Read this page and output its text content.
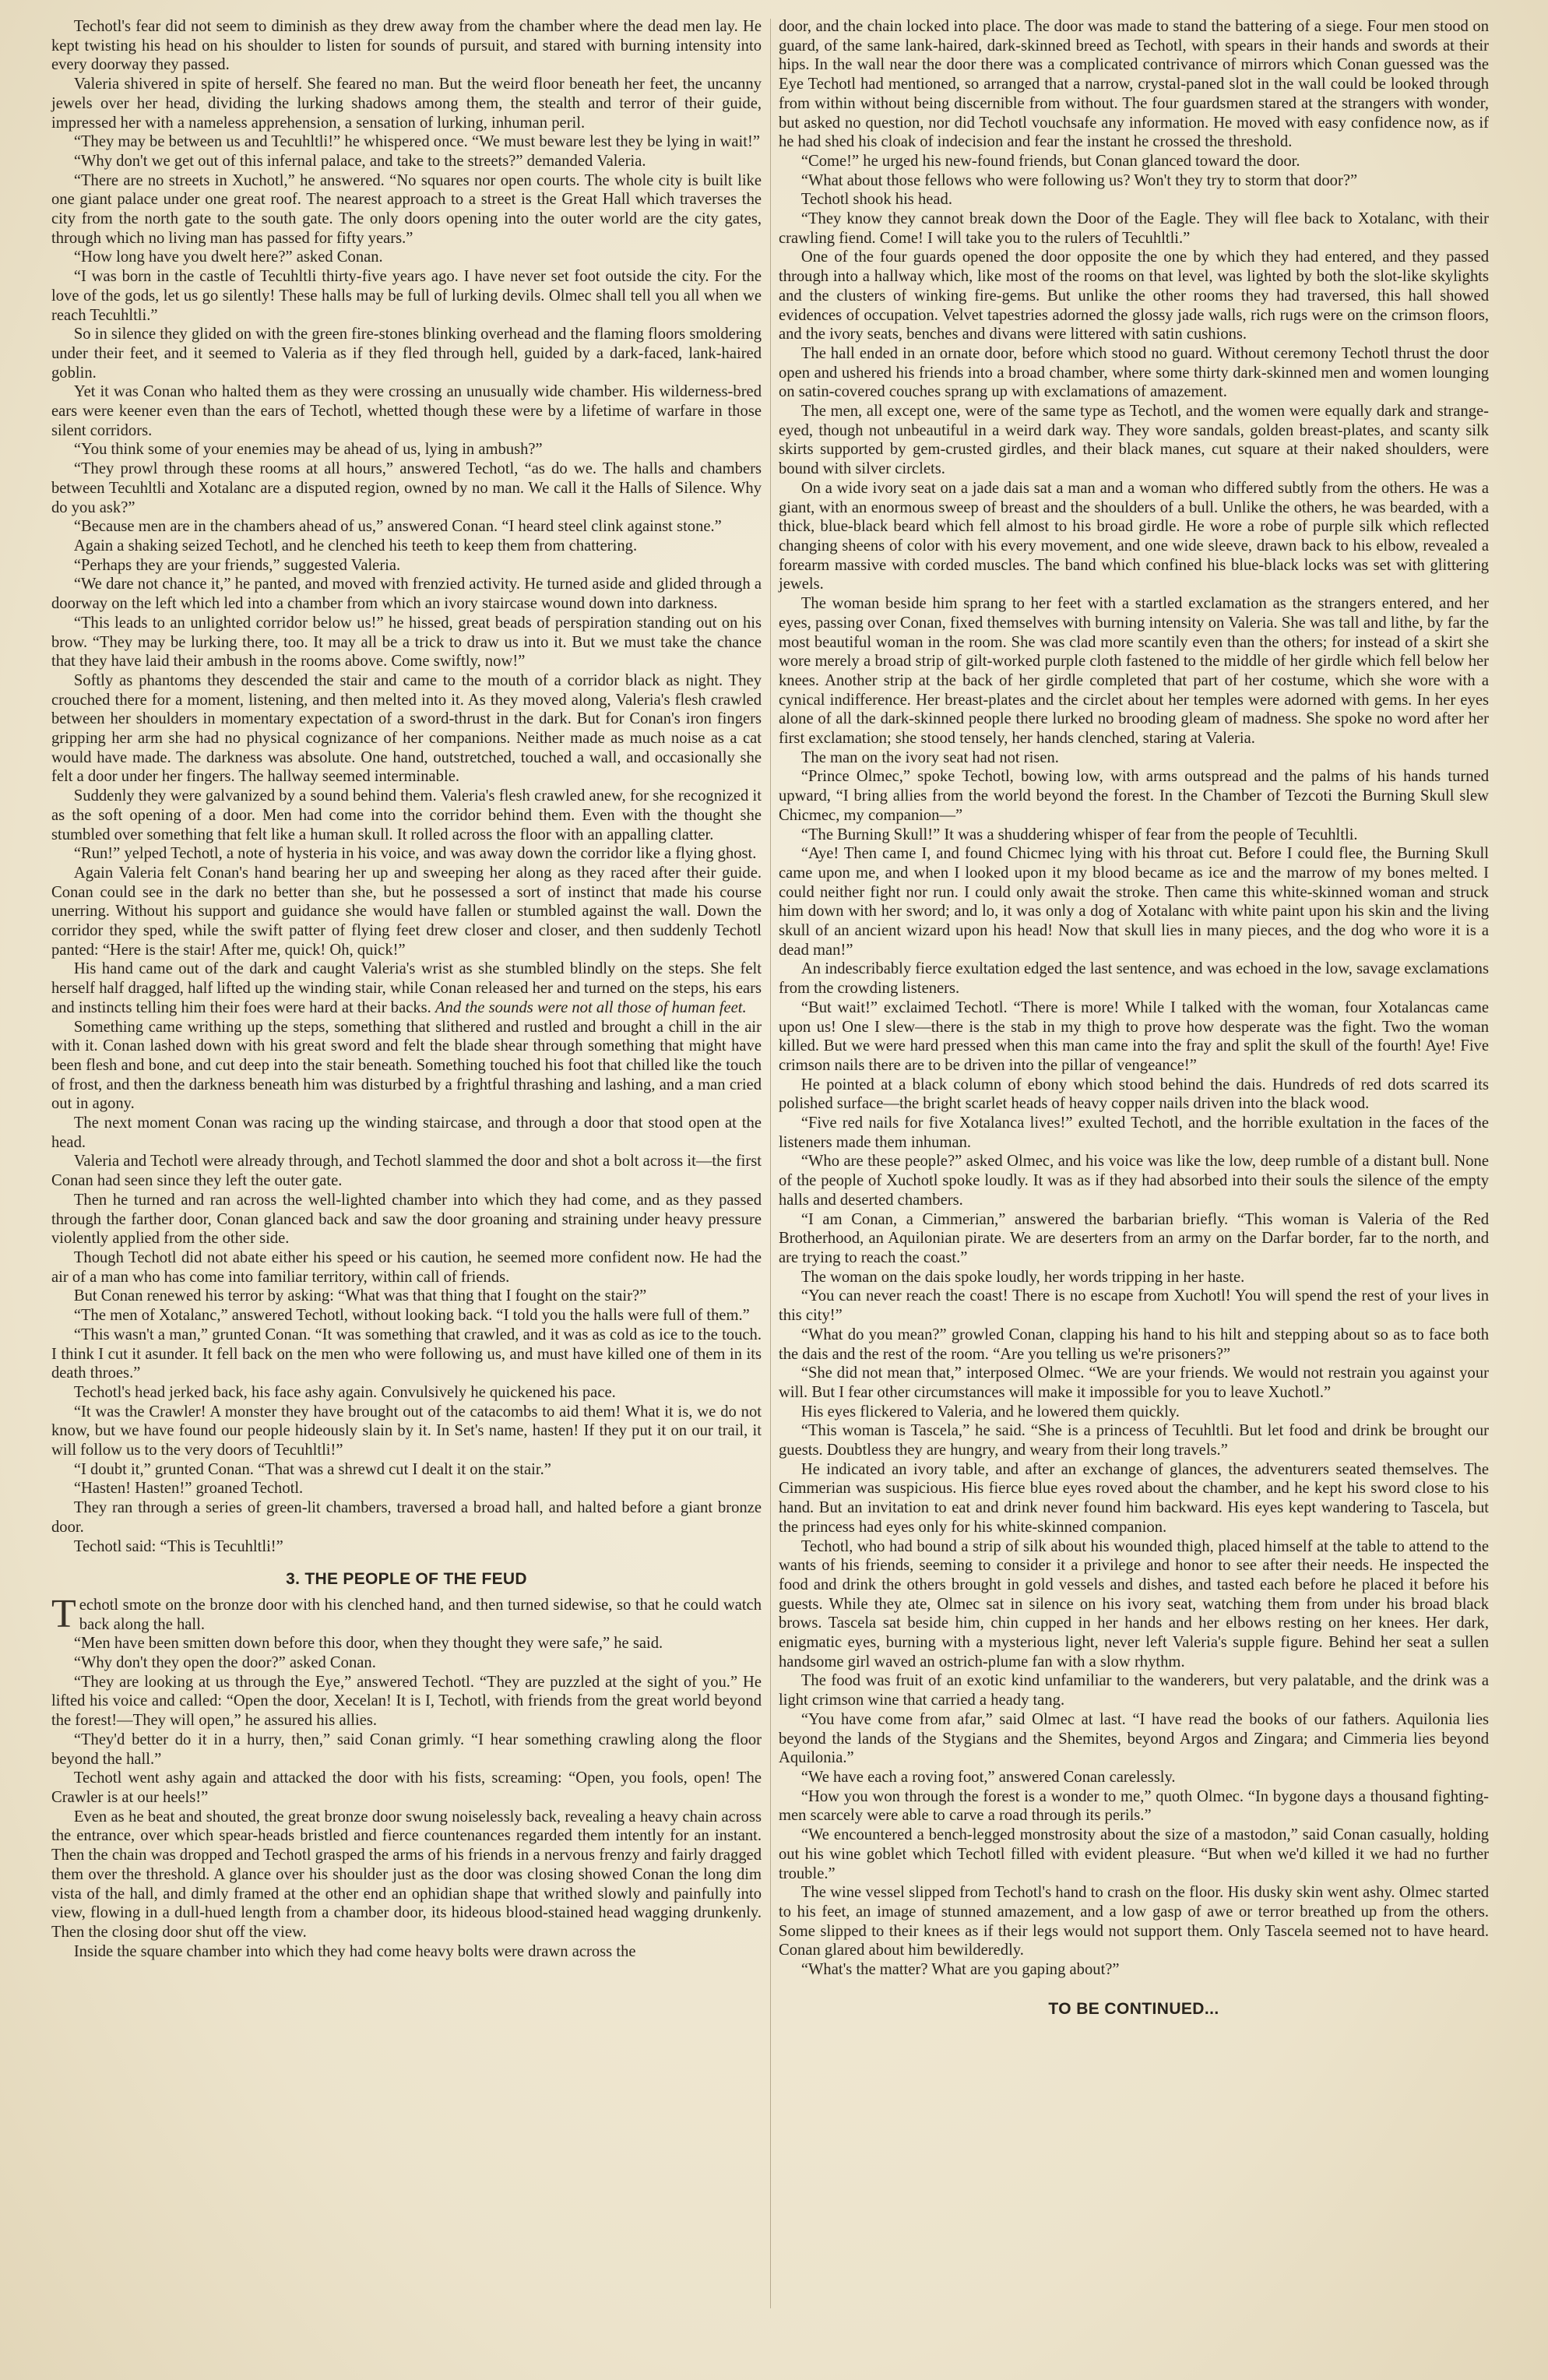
Techotl's fear did not seem to diminish as they drew away from the chamber where the dead men lay. He kept twisting his head on his shoulder to listen for sounds of pursuit, and stared with burning intensity into every doorway they passed.

Valeria shivered in spite of herself. She feared no man. But the weird floor beneath her feet, the uncanny jewels over her head, dividing the lurking shadows among them, the stealth and terror of their guide, impressed her with a nameless apprehension, a sensation of lurking, inhuman peril.

“They may be between us and Tecuhltli!” he whispered once. “We must beware lest they be lying in wait!”

“Why don't we get out of this infernal palace, and take to the streets?” demanded Valeria.

“There are no streets in Xuchotl,” he answered. “No squares nor open courts. The whole city is built like one giant palace under one great roof. The nearest approach to a street is the Great Hall which traverses the city from the north gate to the south gate. The only doors opening into the outer world are the city gates, through which no living man has passed for fifty years.”

“How long have you dwelt here?” asked Conan.

“I was born in the castle of Tecuhltli thirty-five years ago. I have never set foot outside the city. For the love of the gods, let us go silently! These halls may be full of lurking devils. Olmec shall tell you all when we reach Tecuhltli.”

So in silence they glided on with the green fire-stones blinking overhead and the flaming floors smoldering under their feet, and it seemed to Valeria as if they fled through hell, guided by a dark-faced, lank-haired goblin.

Yet it was Conan who halted them as they were crossing an unusually wide chamber. His wilderness-bred ears were keener even than the ears of Techotl, whetted though these were by a lifetime of warfare in those silent corridors.

“You think some of your enemies may be ahead of us, lying in ambush?”

“They prowl through these rooms at all hours,” answered Techotl, “as do we. The halls and chambers between Tecuhltli and Xotalanc are a disputed region, owned by no man. We call it the Halls of Silence. Why do you ask?”

“Because men are in the chambers ahead of us,” answered Conan. “I heard steel clink against stone.”

Again a shaking seized Techotl, and he clenched his teeth to keep them from chattering.

“Perhaps they are your friends,” suggested Valeria.

“We dare not chance it,” he panted, and moved with frenzied activity. He turned aside and glided through a doorway on the left which led into a chamber from which an ivory staircase wound down into darkness.

“This leads to an unlighted corridor below us!” he hissed, great beads of perspiration standing out on his brow. “They may be lurking there, too. It may all be a trick to draw us into it. But we must take the chance that they have laid their ambush in the rooms above. Come swiftly, now!”

Softly as phantoms they descended the stair and came to the mouth of a corridor black as night. They crouched there for a moment, listening, and then melted into it. As they moved along, Valeria's flesh crawled between her shoulders in momentary expectation of a sword-thrust in the dark. But for Conan's iron fingers gripping her arm she had no physical cognizance of her companions. Neither made as much noise as a cat would have made. The darkness was absolute. One hand, outstretched, touched a wall, and occasionally she felt a door under her fingers. The hallway seemed interminable.

Suddenly they were galvanized by a sound behind them. Valeria's flesh crawled anew, for she recognized it as the soft opening of a door. Men had come into the corridor behind them. Even with the thought she stumbled over something that felt like a human skull. It rolled across the floor with an appalling clatter.

“Run!” yelped Techotl, a note of hysteria in his voice, and was away down the corridor like a flying ghost.

Again Valeria felt Conan's hand bearing her up and sweeping her along as they raced after their guide. Conan could see in the dark no better than she, but he possessed a sort of instinct that made his course unerring. Without his support and guidance she would have fallen or stumbled against the wall. Down the corridor they sped, while the swift patter of flying feet drew closer and closer, and then suddenly Techotl panted: “Here is the stair! After me, quick! Oh, quick!”

His hand came out of the dark and caught Valeria's wrist as she stumbled blindly on the steps. She felt herself half dragged, half lifted up the winding stair, while Conan released her and turned on the steps, his ears and instincts telling him their foes were hard at their backs. And the sounds were not all those of human feet.

Something came writhing up the steps, something that slithered and rustled and brought a chill in the air with it. Conan lashed down with his great sword and felt the blade shear through something that might have been flesh and bone, and cut deep into the stair beneath. Something touched his foot that chilled like the touch of frost, and then the darkness beneath him was disturbed by a frightful thrashing and lashing, and a man cried out in agony.

The next moment Conan was racing up the winding staircase, and through a door that stood open at the head.

Valeria and Techotl were already through, and Techotl slammed the door and shot a bolt across it—the first Conan had seen since they left the outer gate.

Then he turned and ran across the well-lighted chamber into which they had come, and as they passed through the farther door, Conan glanced back and saw the door groaning and straining under heavy pressure violently applied from the other side.

Though Techotl did not abate either his speed or his caution, he seemed more confident now. He had the air of a man who has come into familiar territory, within call of friends.

But Conan renewed his terror by asking: “What was that thing that I fought on the stair?”

“The men of Xotalanc,” answered Techotl, without looking back. “I told you the halls were full of them.”

“This wasn't a man,” grunted Conan. “It was something that crawled, and it was as cold as ice to the touch. I think I cut it asunder. It fell back on the men who were following us, and must have killed one of them in its death throes.”

Techotl's head jerked back, his face ashy again. Convulsively he quickened his pace.

“It was the Crawler! A monster they have brought out of the catacombs to aid them! What it is, we do not know, but we have found our people hideously slain by it. In Set's name, hasten! If they put it on our trail, it will follow us to the very doors of Tecuhltli!”

“I doubt it,” grunted Conan. “That was a shrewd cut I dealt it on the stair.”

“Hasten! Hasten!” groaned Techotl.

They ran through a series of green-lit chambers, traversed a broad hall, and halted before a giant bronze door.

Techotl said: “This is Tecuhltli!”

3. THE PEOPLE OF THE FEUD

Techotl smote on the bronze door with his clenched hand, and then turned sidewise, so that he could watch back along the hall.

“Men have been smitten down before this door, when they thought they were safe,” he said.

“Why don't they open the door?” asked Conan.

“They are looking at us through the Eye,” answered Techotl. “They are puzzled at the sight of you.” He lifted his voice and called: “Open the door, Xecelan! It is I, Techotl, with friends from the great world beyond the forest!—They will open,” he assured his allies.

“They'd better do it in a hurry, then,” said Conan grimly. “I hear something crawling along the floor beyond the hall.”

Techotl went ashy again and attacked the door with his fists, screaming: “Open, you fools, open! The Crawler is at our heels!”

Even as he beat and shouted, the great bronze door swung noiselessly back, revealing a heavy chain across the entrance, over which spear-heads bristled and fierce countenances regarded them intently for an instant. Then the chain was dropped and Techotl grasped the arms of his friends in a nervous frenzy and fairly dragged them over the threshold. A glance over his shoulder just as the door was closing showed Conan the long dim vista of the hall, and dimly framed at the other end an ophidian shape that writhed slowly and painfully into view, flowing in a dull-hued length from a chamber door, its hideous blood-stained head wagging drunkenly. Then the closing door shut off the view.

Inside the square chamber into which they had come heavy bolts were drawn across the

door, and the chain locked into place. The door was made to stand the battering of a siege. Four men stood on guard, of the same lank-haired, dark-skinned breed as Techotl, with spears in their hands and swords at their hips. In the wall near the door there was a complicated contrivance of mirrors which Conan guessed was the Eye Techotl had mentioned, so arranged that a narrow, crystal-paned slot in the wall could be looked through from within without being discernible from without. The four guardsmen stared at the strangers with wonder, but asked no question, nor did Techotl vouchsafe any information. He moved with easy confidence now, as if he had shed his cloak of indecision and fear the instant he crossed the threshold.

“Come!” he urged his new-found friends, but Conan glanced toward the door.

“What about those fellows who were following us? Won't they try to storm that door?”

Techotl shook his head.

“They know they cannot break down the Door of the Eagle. They will flee back to Xotalanc, with their crawling fiend. Come! I will take you to the rulers of Tecuhltli.”

One of the four guards opened the door opposite the one by which they had entered, and they passed through into a hallway which, like most of the rooms on that level, was lighted by both the slot-like skylights and the clusters of winking fire-gems. But unlike the other rooms they had traversed, this hall showed evidences of occupation. Velvet tapestries adorned the glossy jade walls, rich rugs were on the crimson floors, and the ivory seats, benches and divans were littered with satin cushions.

The hall ended in an ornate door, before which stood no guard. Without ceremony Techotl thrust the door open and ushered his friends into a broad chamber, where some thirty dark-skinned men and women lounging on satin-covered couches sprang up with exclamations of amazement.

The men, all except one, were of the same type as Techotl, and the women were equally dark and strange-eyed, though not unbeautiful in a weird dark way. They wore sandals, golden breast-plates, and scanty silk skirts supported by gem-crusted girdles, and their black manes, cut square at their naked shoulders, were bound with silver circlets.

On a wide ivory seat on a jade dais sat a man and a woman who differed subtly from the others. He was a giant, with an enormous sweep of breast and the shoulders of a bull. Unlike the others, he was bearded, with a thick, blue-black beard which fell almost to his broad girdle. He wore a robe of purple silk which reflected changing sheens of color with his every movement, and one wide sleeve, drawn back to his elbow, revealed a forearm massive with corded muscles. The band which confined his blue-black locks was set with glittering jewels.

The woman beside him sprang to her feet with a startled exclamation as the strangers entered, and her eyes, passing over Conan, fixed themselves with burning intensity on Valeria. She was tall and lithe, by far the most beautiful woman in the room. She was clad more scantily even than the others; for instead of a skirt she wore merely a broad strip of gilt-worked purple cloth fastened to the middle of her girdle which fell below her knees. Another strip at the back of her girdle completed that part of her costume, which she wore with a cynical indifference. Her breast-plates and the circlet about her temples were adorned with gems. In her eyes alone of all the dark-skinned people there lurked no brooding gleam of madness. She spoke no word after her first exclamation; she stood tensely, her hands clenched, staring at Valeria.

The man on the ivory seat had not risen.

“Prince Olmec,” spoke Techotl, bowing low, with arms outspread and the palms of his hands turned upward, “I bring allies from the world beyond the forest. In the Chamber of Tezcoti the Burning Skull slew Chicmec, my companion—”

“The Burning Skull!” It was a shuddering whisper of fear from the people of Tecuhltli.

“Aye! Then came I, and found Chicmec lying with his throat cut. Before I could flee, the Burning Skull came upon me, and when I looked upon it my blood became as ice and the marrow of my bones melted. I could neither fight nor run. I could only await the stroke. Then came this white-skinned woman and struck him down with her sword; and lo, it was only a dog of Xotalanc with white paint upon his skin and the living skull of an ancient wizard upon his head! Now that skull lies in many pieces, and the dog who wore it is a dead man!”

An indescribably fierce exultation edged the last sentence, and was echoed in the low, savage exclamations from the crowding listeners.

“But wait!” exclaimed Techotl. “There is more! While I talked with the woman, four Xotalancas came upon us! One I slew—there is the stab in my thigh to prove how desperate was the fight. Two the woman killed. But we were hard pressed when this man came into the fray and split the skull of the fourth! Aye! Five crimson nails there are to be driven into the pillar of vengeance!”

He pointed at a black column of ebony which stood behind the dais. Hundreds of red dots scarred its polished surface—the bright scarlet heads of heavy copper nails driven into the black wood.

“Five red nails for five Xotalanca lives!” exulted Techotl, and the horrible exultation in the faces of the listeners made them inhuman.

“Who are these people?” asked Olmec, and his voice was like the low, deep rumble of a distant bull. None of the people of Xuchotl spoke loudly. It was as if they had absorbed into their souls the silence of the empty halls and deserted chambers.

“I am Conan, a Cimmerian,” answered the barbarian briefly. “This woman is Valeria of the Red Brotherhood, an Aquilonian pirate. We are deserters from an army on the Darfar border, far to the north, and are trying to reach the coast.”

The woman on the dais spoke loudly, her words tripping in her haste.

“You can never reach the coast! There is no escape from Xuchotl! You will spend the rest of your lives in this city!”

“What do you mean?” growled Conan, clapping his hand to his hilt and stepping about so as to face both the dais and the rest of the room. “Are you telling us we're prisoners?”

“She did not mean that,” interposed Olmec. “We are your friends. We would not restrain you against your will. But I fear other circumstances will make it impossible for you to leave Xuchotl.”

His eyes flickered to Valeria, and he lowered them quickly.

“This woman is Tascela,” he said. “She is a princess of Tecuhltli. But let food and drink be brought our guests. Doubtless they are hungry, and weary from their long travels.”

He indicated an ivory table, and after an exchange of glances, the adventurers seated themselves. The Cimmerian was suspicious. His fierce blue eyes roved about the chamber, and he kept his sword close to his hand. But an invitation to eat and drink never found him backward. His eyes kept wandering to Tascela, but the princess had eyes only for his white-skinned companion.

Techotl, who had bound a strip of silk about his wounded thigh, placed himself at the table to attend to the wants of his friends, seeming to consider it a privilege and honor to see after their needs. He inspected the food and drink the others brought in gold vessels and dishes, and tasted each before he placed it before his guests. While they ate, Olmec sat in silence on his ivory seat, watching them from under his broad black brows. Tascela sat beside him, chin cupped in her hands and her elbows resting on her knees. Her dark, enigmatic eyes, burning with a mysterious light, never left Valeria's supple figure. Behind her seat a sullen handsome girl waved an ostrich-plume fan with a slow rhythm.

The food was fruit of an exotic kind unfamiliar to the wanderers, but very palatable, and the drink was a light crimson wine that carried a heady tang.

“You have come from afar,” said Olmec at last. “I have read the books of our fathers. Aquilonia lies beyond the lands of the Stygians and the Shemites, beyond Argos and Zingara; and Cimmeria lies beyond Aquilonia.”

“We have each a roving foot,” answered Conan carelessly.

“How you won through the forest is a wonder to me,” quoth Olmec. “In bygone days a thousand fighting-men scarcely were able to carve a road through its perils.”

“We encountered a bench-legged monstrosity about the size of a mastodon,” said Conan casually, holding out his wine goblet which Techotl filled with evident pleasure. “But when we'd killed it we had no further trouble.”

The wine vessel slipped from Techotl's hand to crash on the floor. His dusky skin went ashy. Olmec started to his feet, an image of stunned amazement, and a low gasp of awe or terror breathed up from the others. Some slipped to their knees as if their legs would not support them. Only Tascela seemed not to have heard. Conan glared about him bewilderedly.

“What's the matter? What are you gaping about?”

TO BE CONTINUED...
